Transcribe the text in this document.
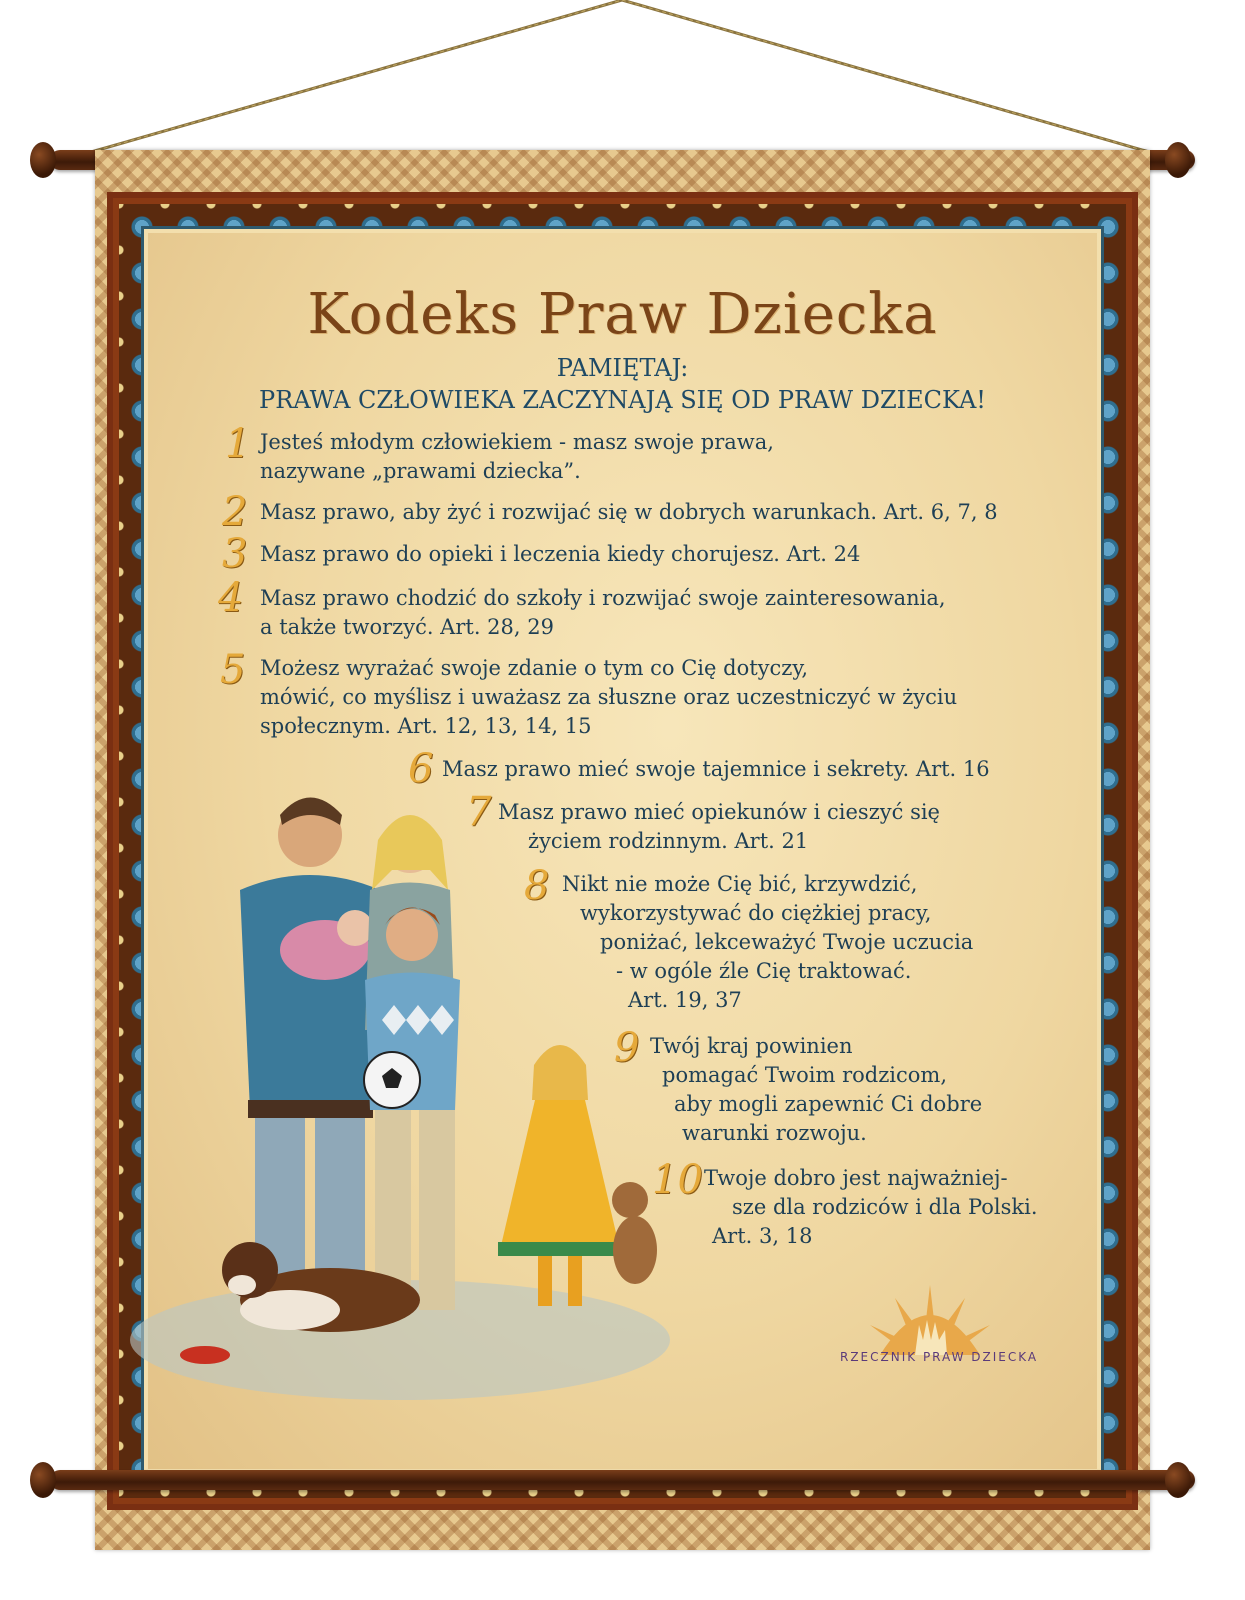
Kodeks Praw Dziecka
PAMIĘTAJ:
PRAWA CZŁOWIEKA ZACZYNAJĄ SIĘ OD PRAW DZIECKA!
1 Jesteś młodym człowiekiem - masz swoje prawa,
nazywane „prawami dziecka”.
2 Masz prawo, aby żyć i rozwijać się w dobrych warunkach. Art. 6, 7, 8
3 Masz prawo do opieki i leczenia kiedy chorujesz. Art. 24
4 Masz prawo chodzić do szkoły i rozwijać swoje zainteresowania,
a także tworzyć. Art. 28, 29
5 Możesz wyrażać swoje zdanie o tym co Cię dotyczy,
mówić, co myślisz i uważasz za słuszne oraz uczestniczyć w życiu
społecznym. Art. 12, 13, 14, 15
6 Masz prawo mieć swoje tajemnice i sekrety. Art. 16
7 Masz prawo mieć opiekunów i cieszyć się
życiem rodzinnym. Art. 21
8 Nikt nie może Cię bić, krzywdzić,
wykorzystywać do ciężkiej pracy,
poniżać, lekceważyć Twoje uczucia
- w ogóle źle Cię traktować.
Art. 19, 37
9 Twój kraj powinien
pomagać Twoim rodzicom,
aby mogli zapewnić Ci dobre
warunki rozwoju.
10 Twoje dobro jest najważniej-
sze dla rodziców i dla Polski.
Art. 3, 18
RZECZNIK PRAW DZIECKA
